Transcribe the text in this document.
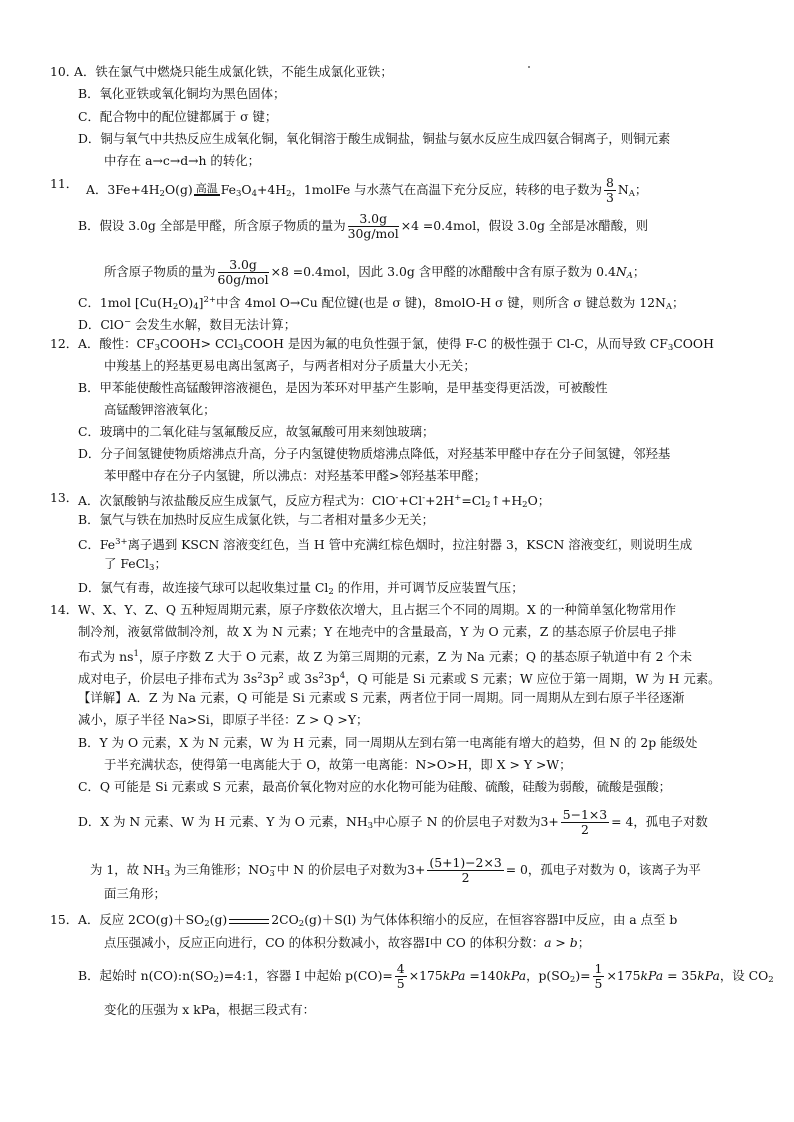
10．
A．铁在氯气中燃烧只能生成氯化铁，不能生成氯化亚铁；
B．氧化亚铁或氧化铜均为黑色固体；
C．配合物中的配位键都属于 σ 键；
D．铜与氧气中共热反应生成氧化铜，氧化铜溶于酸生成铜盐，铜盐与氨水反应生成四氨合铜离子，则铜元素
中存在 a→c→d→h 的转化；
11． A．$3Fe+4H_2O(g)$ 高温 $Fe_3O_4+4H_2$，1molFe 与水蒸气在高温下充分反应，转移的电子数为 $\frac{8}{3} N_A$；
B．假设 3.0g 全部是甲醛，所含原子物质的量为 $\frac{3.0g}{\text{30g/mol}} \times 4 =0.4mol$，假设 3.0g 全部是冰醋酸，则
所含原子物质的量为 $\frac{3.0g}{\text{60g/mol}} \times 8 =0.4mol$，因此 3.0g 含甲醛的冰醋酸中含有原子数为 $0.4N_A$；
C．1mol $[Cu(H_2O)_4]^{2+}$中含 4mol O→Cu 配位键(也是 σ 键)，8molO-H σ 键，则所含 σ 键总数为 $12N_A$；
D．ClO− 会发生水解，数目无法计算；
12． A．酸性：$CF_3COOH>$ CCl$_3$COOH 是因为氟的电负性强于氯，使得 F-C 的极性强于 Cl-C，从而导致 $CF_3COOH$
中羧基上的羟基更易电离出氢离子，与两者相对分子质量大小无关；
B．甲苯能使酸性高锰酸钾溶液褪色，是因为苯环对甲基产生影响，是甲基变得更活泼，可被酸性
高锰酸钾溶液氧化；
C．玻璃中的二氧化硅与氢氟酸反应，故氢氟酸可用来刻蚀玻璃；
D．分子间氢键使物质熔沸点升高，分子内氢键使物质熔沸点降低，对羟基苯甲醛中存在分子间氢键，邻羟基
苯甲醛中存在分子内氢键，所以沸点：对羟基苯甲醛>邻羟基苯甲醛；
13． A．次氯酸钠与浓盐酸反应生成氯气，反应方程式为：$ClO^-+Cl^-+2H^+=Cl_2↑+H_2O$；
B．氯气与铁在加热时反应生成氯化铁，与二者相对量多少无关；
C．$Fe^{3+}$离子遇到 KSCN 溶液变红色，当 H 管中充满红棕色烟时，拉注射器 3，KSCN 溶液变红，则说明生成
了 FeCl$_3$；
D．氯气有毒，故连接气球可以起收集过量 $Cl_2$ 的作用，并可调节反应装置气压；
14． W、X、Y、Z、Q 五种短周期元素，原子序数依次增大，且占据三个不同的周期。X 的一种简单氢化物常用作
制冷剂，液氨常做制冷剂，故 X 为 N 元素；Y 在地壳中的含量最高，Y 为 O 元素，Z 的基态原子价层电子排
布式为 $ns^1$，原子序数 Z 大于 O 元素，故 Z 为第三周期的元素，Z 为 Na 元素；Q 的基态原子轨道中有 2 个未
成对电子，价层电子排布式为 $3s^23p^2$ 或 $3s^23p^4$，Q 可能是 Si 元素或 S 元素；W 应位于第一周期，W 为 H 元素。
【详解】A．Z 为 Na 元素，Q 可能是 Si 元素或 S 元素，两者位于同一周期。同一周期从左到右原子半径逐渐
减小，原子半径 Na>Si，即原子半径：Z > Q >Y；
B．Y 为 O 元素，X 为 N 元素，W 为 H 元素，同一周期从左到右第一电离能有增大的趋势，但 N 的 2p 能级处
于半充满状态，使得第一电离能大于 O，故第一电离能：N>O>H，即 X > Y >W；
C．Q 可能是 Si 元素或 S 元素，最高价氧化物对应的水化物可能为硅酸、硫酸，硅酸为弱酸，硫酸是强酸；
D．X 为 N 元素、W 为 H 元素、Y 为 O 元素，$NH_3$中心原子 N 的价层电子对数为$3+ \frac{5-1\times 3}{2} = 4$，孤电子对数
为 1，故 $NH_3$ 为三角锥形；$NO_3^-$中 N 的价层电子对数为$3+ \frac{(5+1)-2\times 3}{2} = 0$，孤电子对数为 0，该离子为平
面三角形；
15． A．反应 $2CO(g)+SO_2(g)$	$2CO_2(g)+S(l)$ 为气体体积缩小的反应，在恒容容器Ⅰ中反应，由 a 点至 b
点压强减小，反应正向进行，CO 的体积分数减小，故容器Ⅰ中 CO 的体积分数：a > b；
B．起始时 $n(CO):n(SO_2)=4:1$，容器 I 中起始 $p(CO)= \frac{4}{5} \times 175kPa =140kPa$，$p(SO_2)= \frac{1}{5} \times 175kPa = 35kPa$，设 $CO_2$
变化的压强为 x kPa，根据三段式有：
